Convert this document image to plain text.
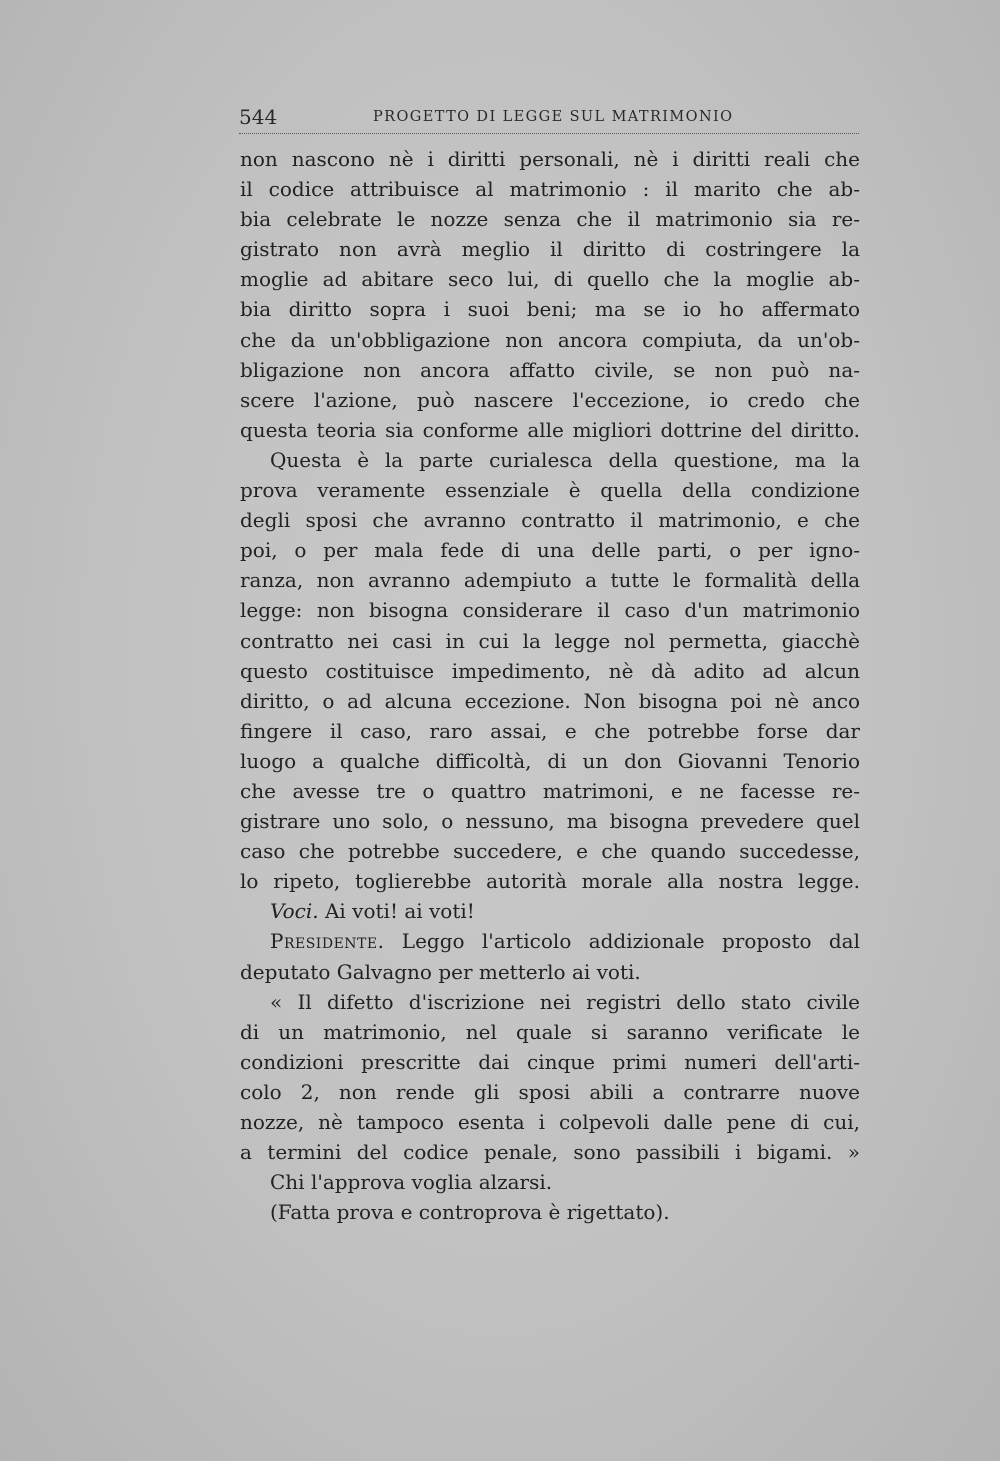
544	PROGETTO DI LEGGE SUL MATRIMONIO
non nascono nè i diritti personali, nè i diritti reali che
il codice attribuisce al matrimonio : il marito che ab-
bia celebrate le nozze senza che il matrimonio sia re-
gistrato non avrà meglio il diritto di costringere la
moglie ad abitare seco lui, di quello che la moglie ab-
bia diritto sopra i suoi beni; ma se io ho affermato
che da un'obbligazione non ancora compiuta, da un'ob-
bligazione non ancora affatto civile, se non può na-
scere l'azione, può nascere l'eccezione, io credo che
questa teoria sia conforme alle migliori dottrine del diritto.
Questa è la parte curialesca della questione, ma la
prova veramente essenziale è quella della condizione
degli sposi che avranno contratto il matrimonio, e che
poi, o per mala fede di una delle parti, o per igno-
ranza, non avranno adempiuto a tutte le formalità della
legge: non bisogna considerare il caso d'un matrimonio
contratto nei casi in cui la legge nol permetta, giacchè
questo costituisce impedimento, nè dà adito ad alcun
diritto, o ad alcuna eccezione. Non bisogna poi nè anco
fingere il caso, raro assai, e che potrebbe forse dar
luogo a qualche difficoltà, di un don Giovanni Tenorio
che avesse tre o quattro matrimoni, e ne facesse re-
gistrare uno solo, o nessuno, ma bisogna prevedere quel
caso che potrebbe succedere, e che quando succedesse,
lo ripeto, toglierebbe autorità morale alla nostra legge.
Voci. Ai voti! ai voti!
Presidente. Leggo l'articolo addizionale proposto dal
deputato Galvagno per metterlo ai voti.
« Il difetto d'iscrizione nei registri dello stato civile
di un matrimonio, nel quale si saranno verificate le
condizioni prescritte dai cinque primi numeri dell'arti-
colo 2, non rende gli sposi abili a contrarre nuove
nozze, nè tampoco esenta i colpevoli dalle pene di cui,
a termini del codice penale, sono passibili i bigami. »
Chi l'approva voglia alzarsi.
(Fatta prova e controprova è rigettato).
